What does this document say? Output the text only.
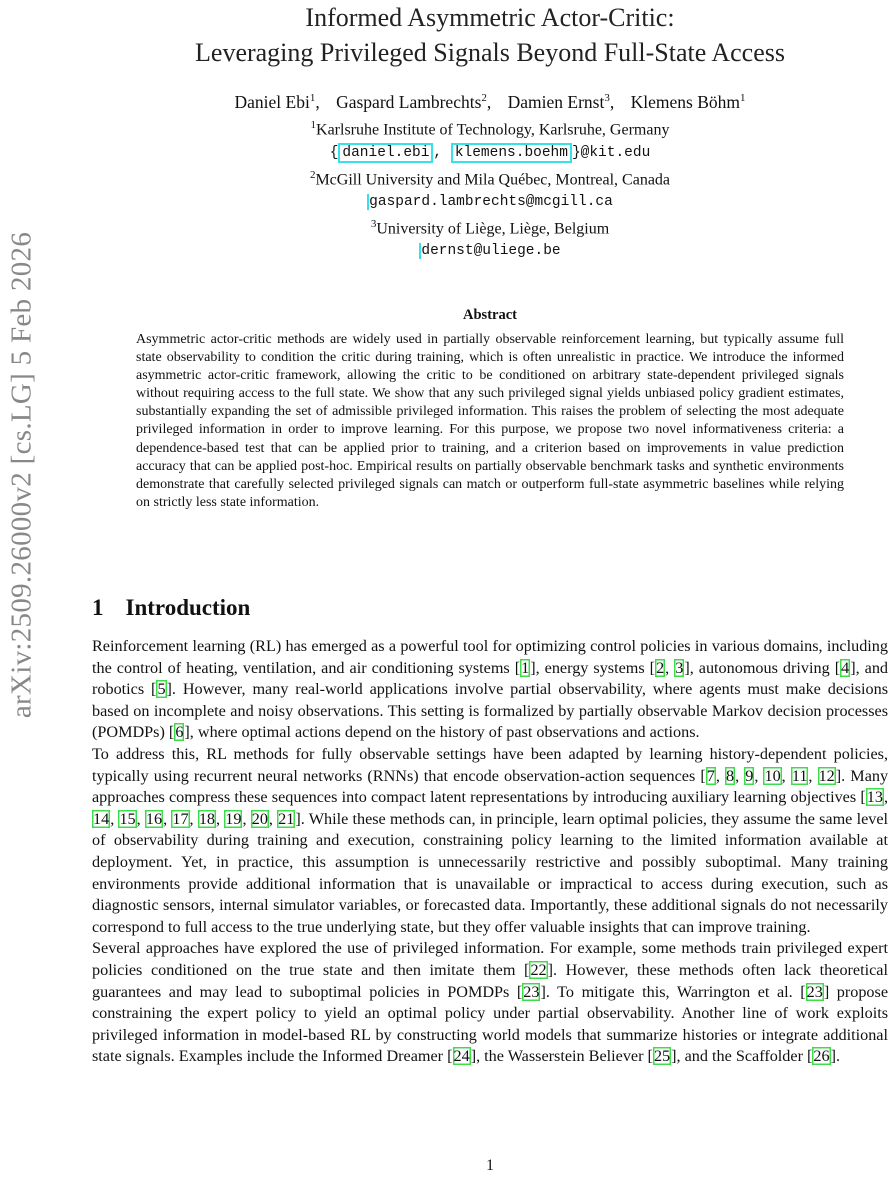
arXiv:2509.26000v2 [cs.LG] 5 Feb 2026
Informed Asymmetric Actor-Critic:
Leveraging Privileged Signals Beyond Full-State Access
Daniel Ebi$^1$, Gaspard Lambrechts$^2$, Damien Ernst$^3$, Klemens Böhm$^1$
$^1$Karlsruhe Institute of Technology, Karlsruhe, Germany
{ daniel.ebi , klemens.boehm }@kit.edu
$^2$McGill University and Mila Québec, Montreal, Canada
gaspard.lambrechts@mcgill.ca
$^3$University of Liège, Liège, Belgium
dernst@uliege.be
Abstract
Asymmetric actor-critic methods are widely used in partially observable reinforcement learning, but typically assume full state observability to condition the critic during training, which is often unrealistic in practice. We introduce the informed asymmetric actor-critic framework, allowing the critic to be conditioned on arbitrary state-dependent privileged signals without requiring access to the full state. We show that any such privileged signal yields unbiased policy gradient estimates, substantially expanding the set of admissible privileged information. This raises the problem of selecting the most adequate privileged information in order to improve learning. For this purpose, we propose two novel informativeness criteria: a dependence-based test that can be applied prior to training, and a criterion based on improvements in value prediction accuracy that can be applied post-hoc. Empirical results on partially observable benchmark tasks and synthetic environments demonstrate that carefully selected privileged signals can match or outperform full-state asymmetric baselines while relying on strictly less state information.
1 Introduction

Reinforcement learning (RL) has emerged as a powerful tool for optimizing control policies in various domains, including the control of heating, ventilation, and air conditioning systems [1], energy systems [2, 3], autonomous driving [4], and robotics [5]. However, many real-world applications involve partial observability, where agents must make decisions based on incomplete and noisy observations. This setting is formalized by partially observable Markov decision processes (POMDPs) [6], where optimal actions depend on the history of past observations and actions.

To address this, RL methods for fully observable settings have been adapted by learning history-dependent policies, typically using recurrent neural networks (RNNs) that encode observation-action sequences [7, 8, 9, 10, 11, 12]. Many approaches compress these sequences into compact latent representations by introducing auxiliary learning objectives [13, 14, 15, 16, 17, 18, 19, 20, 21]. While these methods can, in principle, learn optimal policies, they assume the same level of observability during training and execution, constraining policy learning to the limited information available at deployment. Yet, in practice, this assumption is unnecessarily restrictive and possibly suboptimal. Many training environments provide additional information that is unavailable or impractical to access during execution, such as diagnostic sensors, internal simulator variables, or forecasted data. Importantly, these additional signals do not necessarily correspond to full access to the true underlying state, but they offer valuable insights that can improve training.

Several approaches have explored the use of privileged information. For example, some methods train privileged expert policies conditioned on the true state and then imitate them [22]. However, these methods often lack theoretical guarantees and may lead to suboptimal policies in POMDPs [23]. To mitigate this, Warrington et al. [23] propose constraining the expert policy to yield an optimal policy under partial observability. Another line of work exploits privileged information in model-based RL by constructing world models that summarize histories or integrate additional state signals. Examples include the Informed Dreamer [24], the Wasserstein Believer [25], and the Scaffolder [26].

1
